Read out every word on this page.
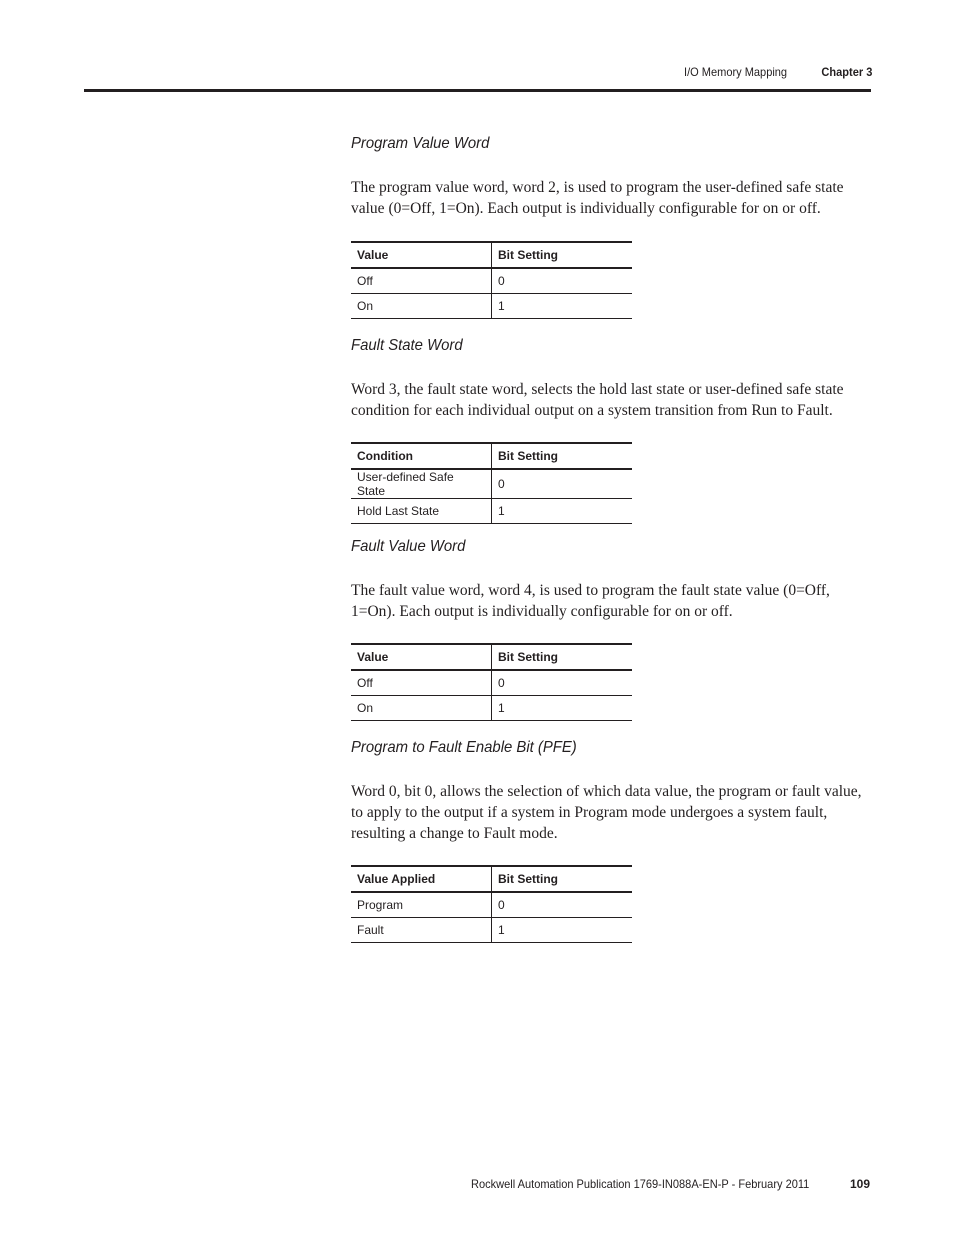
I/O Memory Mapping	Chapter 3
Program Value Word
The program value word, word 2, is used to program the user-defined safe state value (0=Off, 1=On). Each output is individually configurable for on or off.
Value	Bit Setting
Off	0
On	1
Fault State Word
Word 3, the fault state word, selects the hold last state or user-defined safe state condition for each individual output on a system transition from Run to Fault.
Condition	Bit Setting
User-defined Safe State	0
Hold Last State	1
Fault Value Word
The fault value word, word 4, is used to program the fault state value (0=Off, 1=On). Each output is individually configurable for on or off.
Value	Bit Setting
Off	0
On	1
Program to Fault Enable Bit (PFE)
Word 0, bit 0, allows the selection of which data value, the program or fault value, to apply to the output if a system in Program mode undergoes a system fault, resulting a change to Fault mode.
Value Applied	Bit Setting
Program	0
Fault	1
Rockwell Automation Publication 1769-IN088A-EN-P - February 2011	109
